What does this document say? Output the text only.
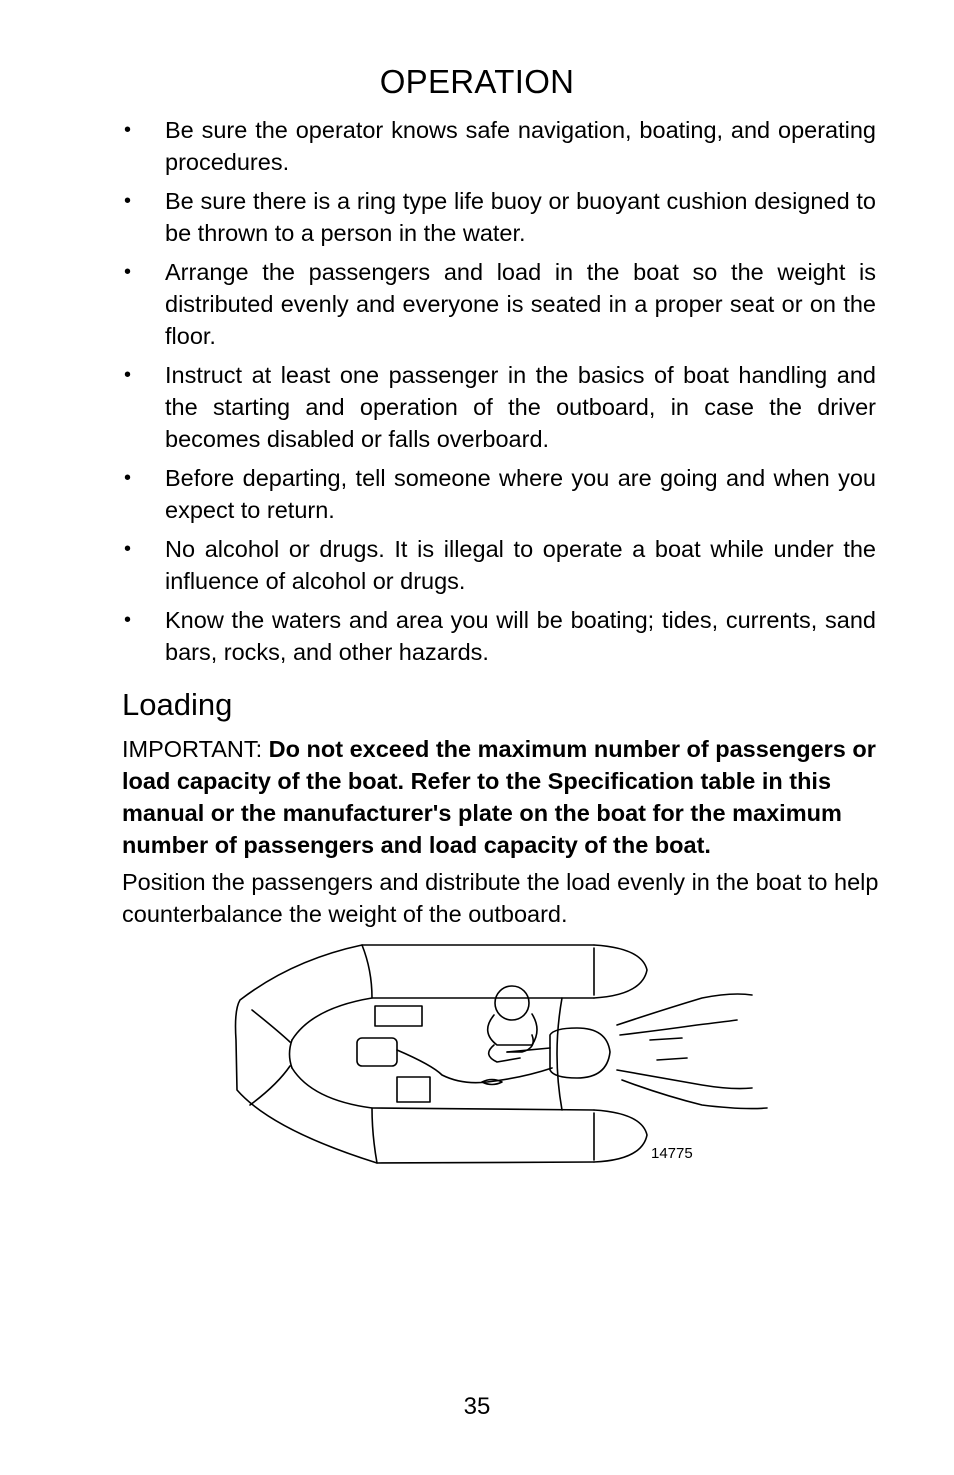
OPERATION
• Be sure the operator knows safe navigation, boating, and operating procedures.
• Be sure there is a ring type life buoy or buoyant cushion designed to be thrown to a person in the water.
• Arrange the passengers and load in the boat so the weight is distributed evenly and everyone is seated in a proper seat or on the floor.
• Instruct at least one passenger in the basics of boat handling and the starting and operation of the outboard, in case the driver becomes disabled or falls overboard.
• Before departing, tell someone where you are going and when you expect to return.
• No alcohol or drugs. It is illegal to operate a boat while under the influence of alcohol or drugs.
• Know the waters and area you will be boating; tides, currents, sand bars, rocks, and other hazards.
Loading
IMPORTANT: Do not exceed the maximum number of passengers or load capacity of the boat. Refer to the Specification table in this manual or the manufacturer's plate on the boat for the maximum number of passengers and load capacity of the boat.
Position the passengers and distribute the load evenly in the boat to help counterbalance the weight of the outboard.
14775
35
